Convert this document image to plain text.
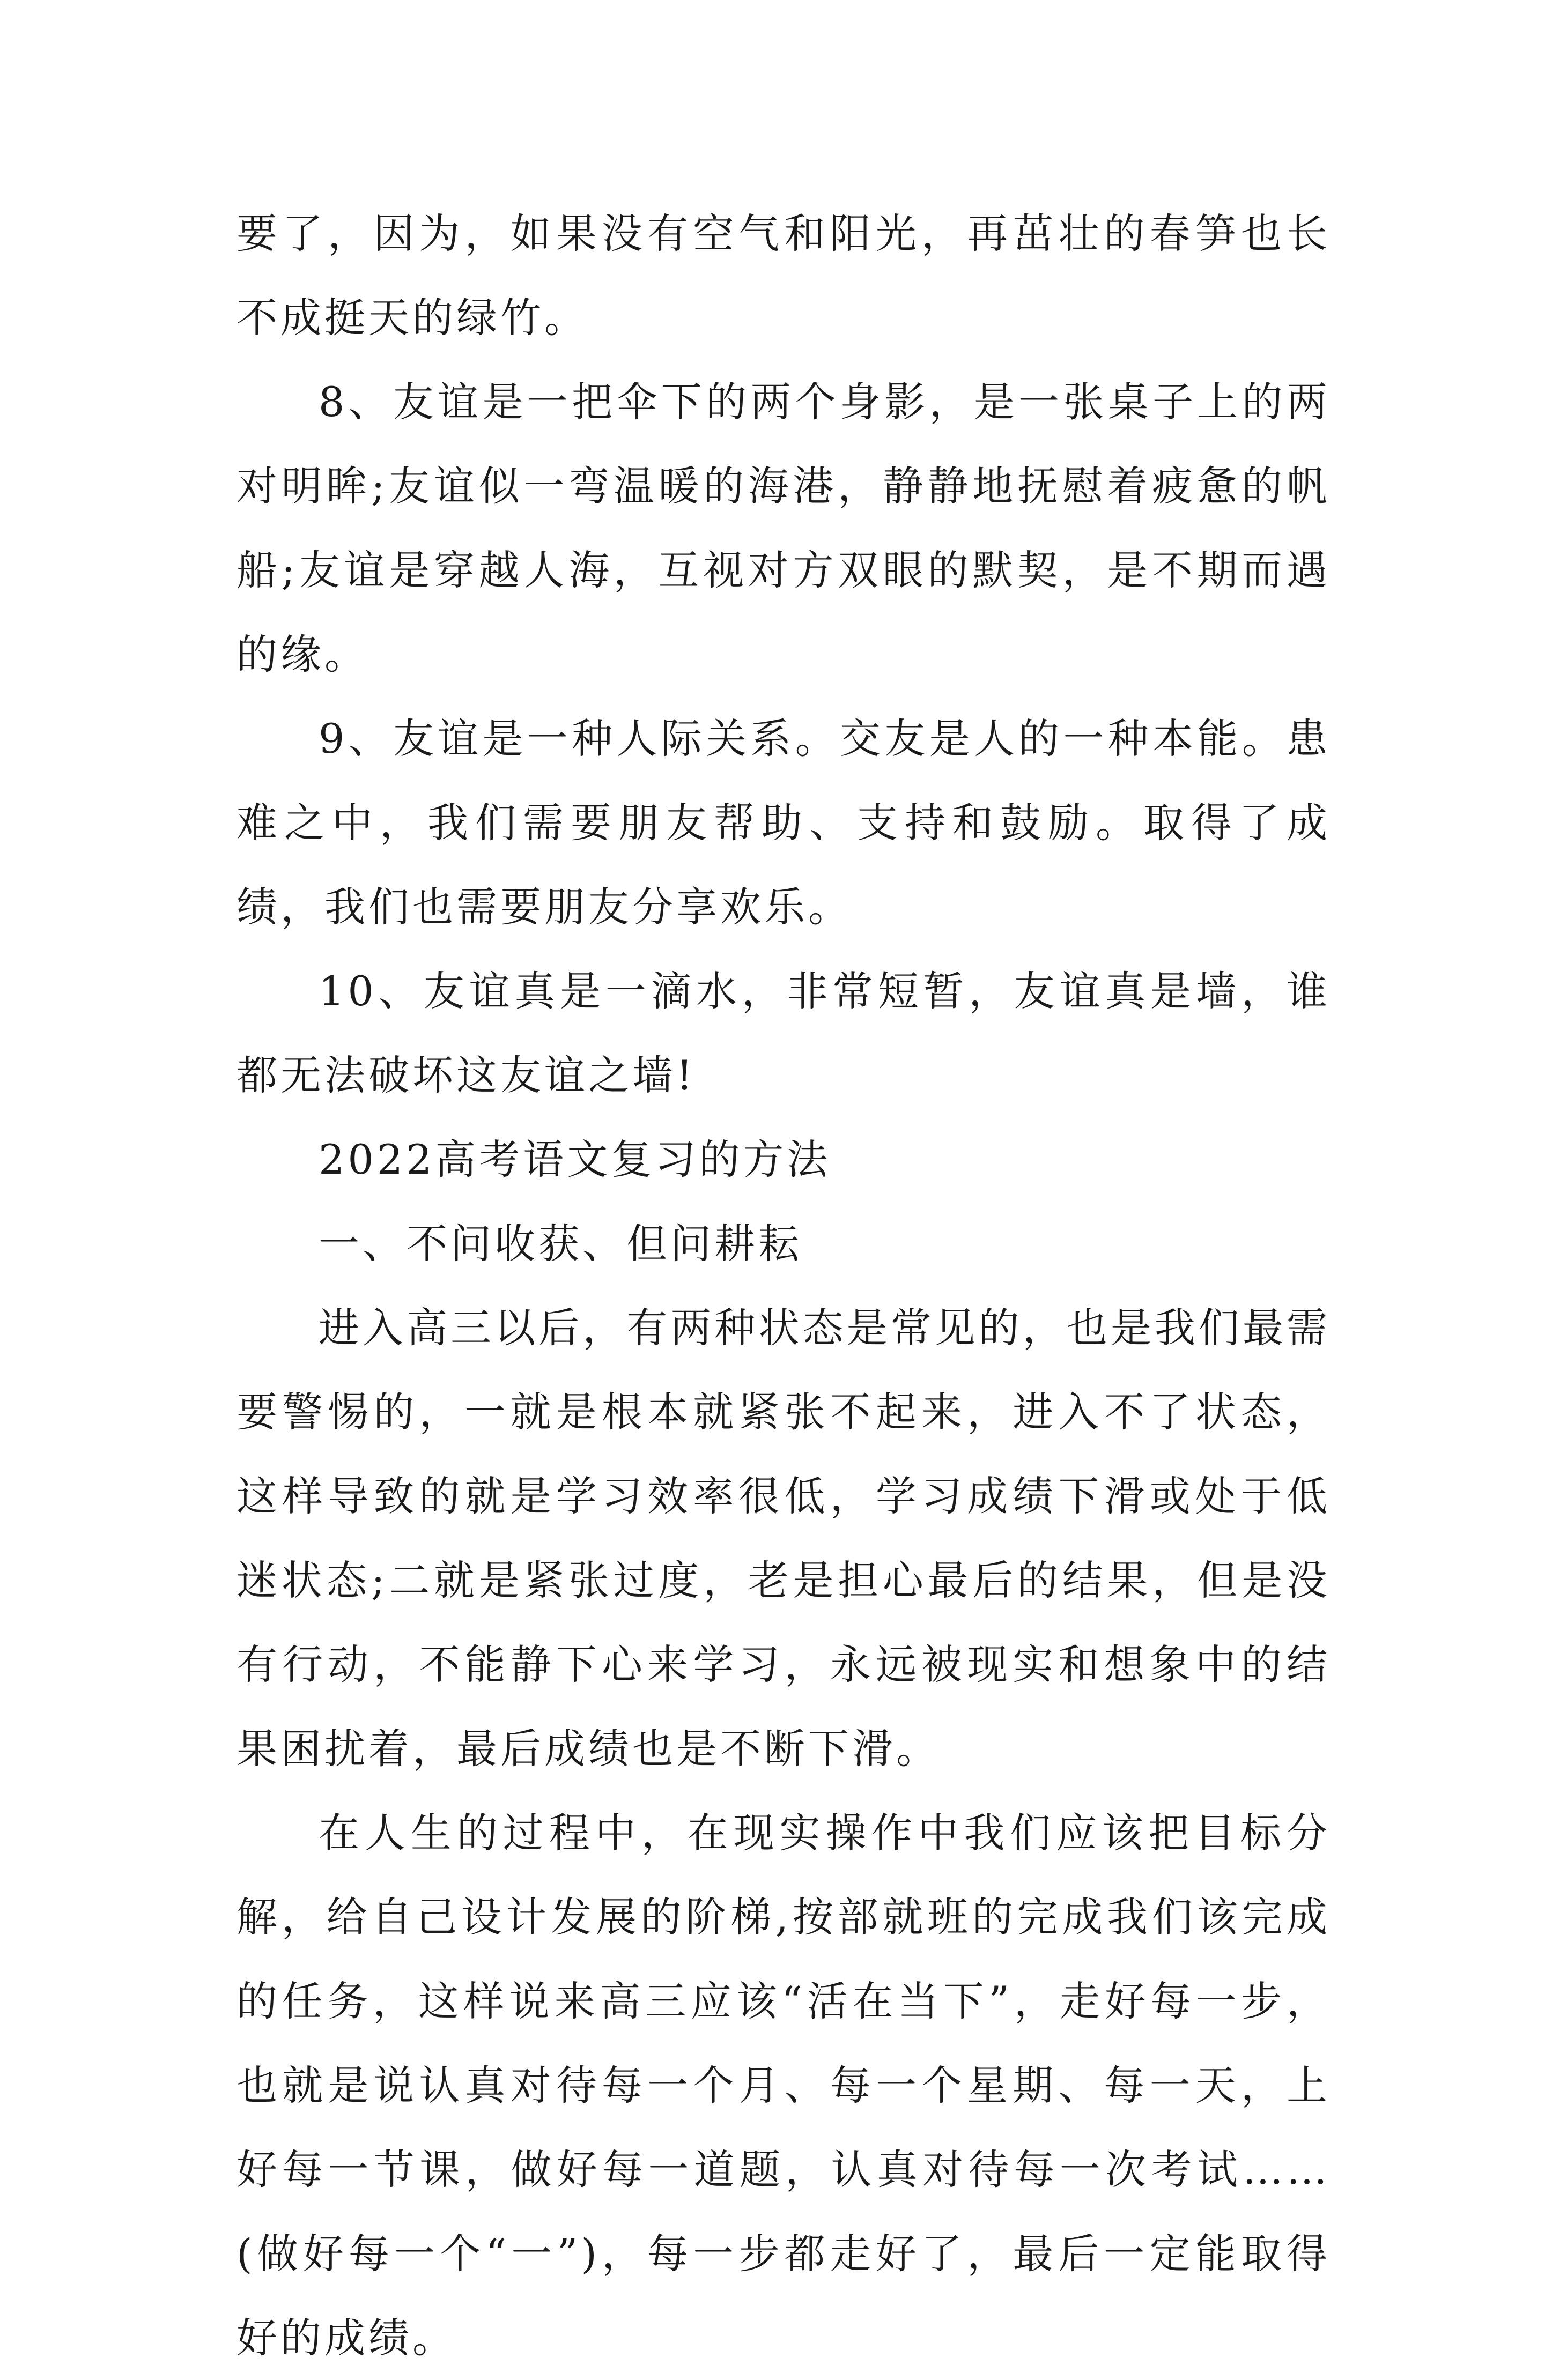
要了，因为，如果没有空气和阳光，再茁壮的春笋也长不成挺天的绿竹。

8、友谊是一把伞下的两个身影，是一张桌子上的两对明眸;友谊似一弯温暖的海港，静静地抚慰着疲惫的帆船;友谊是穿越人海，互视对方双眼的默契，是不期而遇的缘。

9、友谊是一种人际关系。交友是人的一种本能。患难之中，我们需要朋友帮助、支持和鼓励。取得了成绩，我们也需要朋友分享欢乐。

10、友谊真是一滴水，非常短暂，友谊真是墙，谁都无法破坏这友谊之墙!

2022高考语文复习的方法

一、不问收获、但问耕耘

进入高三以后，有两种状态是常见的，也是我们最需要警惕的，一就是根本就紧张不起来，进入不了状态，这样导致的就是学习效率很低，学习成绩下滑或处于低迷状态;二就是紧张过度，老是担心最后的结果，但是没有行动，不能静下心来学习，永远被现实和想象中的结果困扰着，最后成绩也是不断下滑。

在人生的过程中，在现实操作中我们应该把目标分解，给自己设计发展的阶梯,按部就班的完成我们该完成的任务，这样说来高三应该“活在当下”，走好每一步，也就是说认真对待每一个月、每一个星期、每一天，上好每一节课，做好每一道题，认真对待每一次考试……(做好每一个“一”)，每一步都走好了，最后一定能取得好的成绩。
